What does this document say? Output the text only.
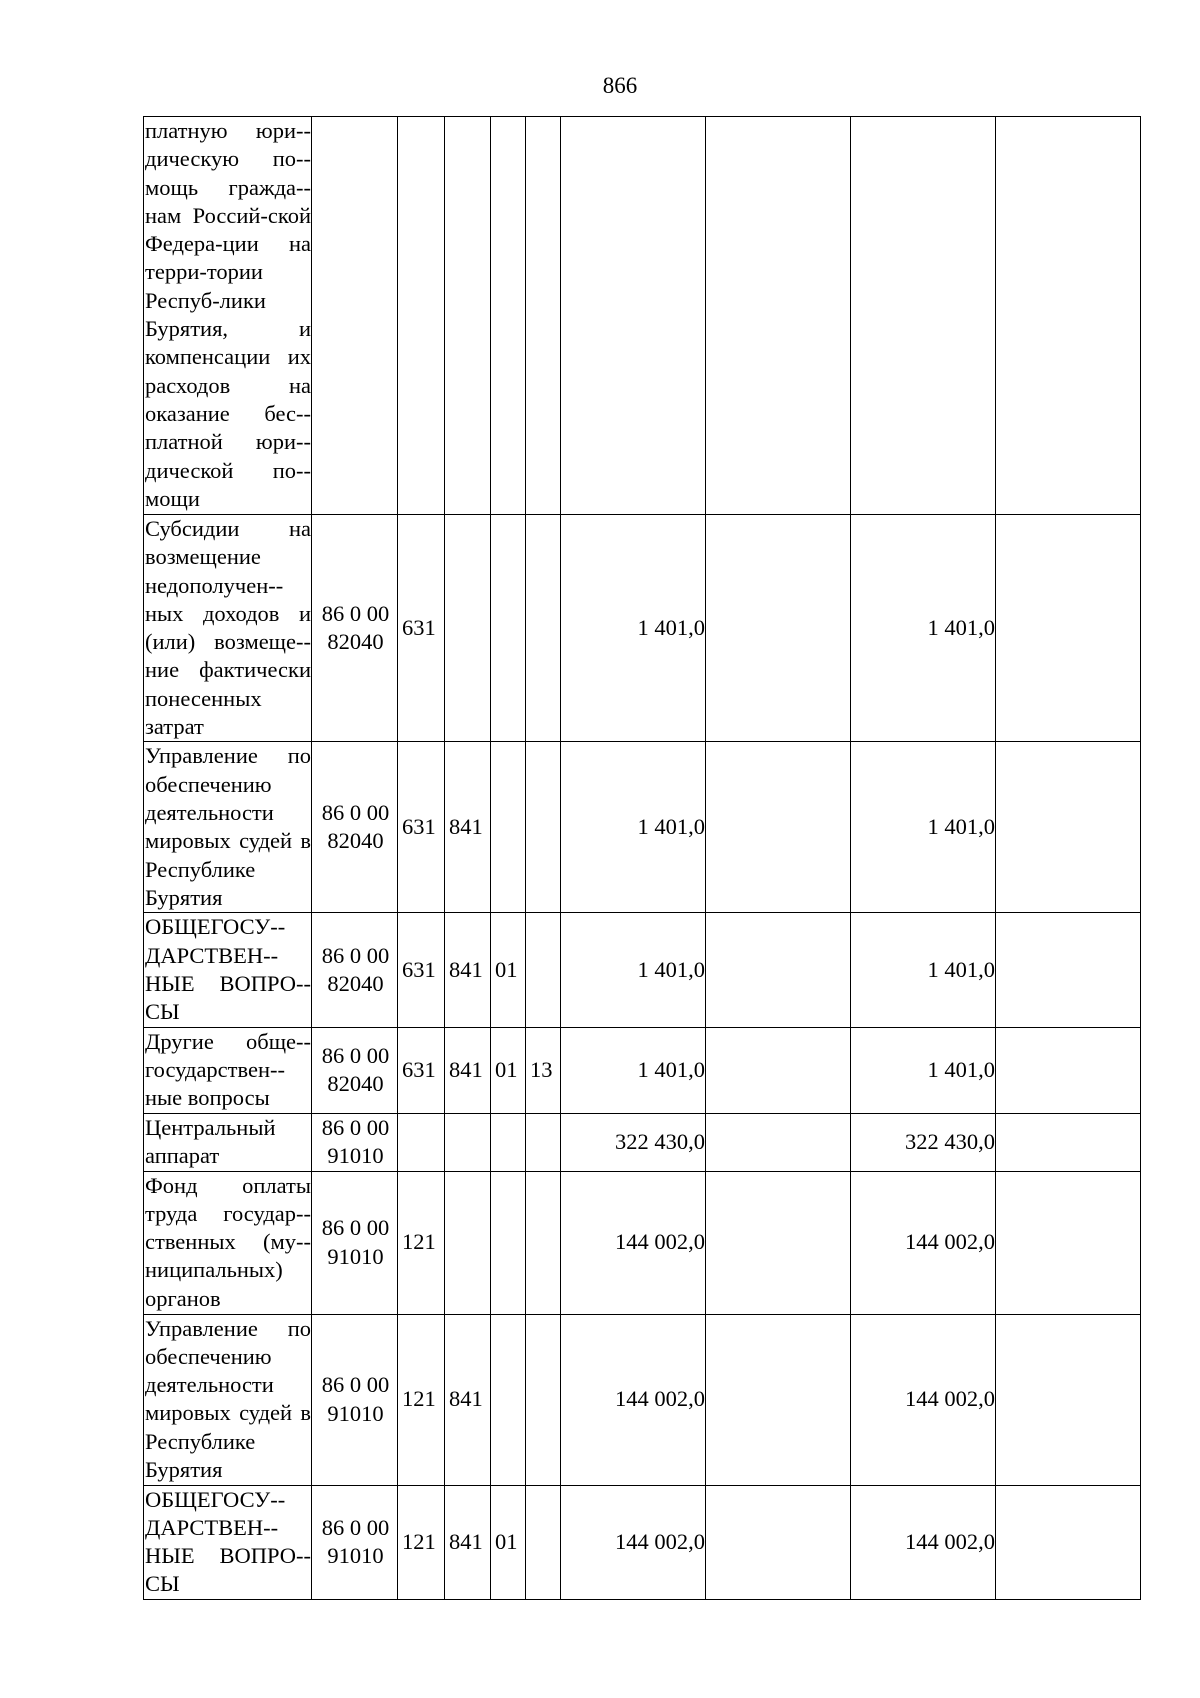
866
платную юри-дическую по-мощь гражда-нам Россий-ской Федера-ции на терри-тории Респуб-лики Бурятия, и компенсации их расходов на оказание бес-платной юри-дической по-мощи									
Субсидии на возмещение недополучен-ных доходов и (или) возмеще-ние фактически понесенных затрат	86 0 00 82040	631				1 401,0		1 401,0	
Управление по обеспечению деятельности мировых судей в Республике Бурятия	86 0 00 82040	631	841			1 401,0		1 401,0	
ОБЩЕГОСУ-ДАРСТВЕН-НЫЕ ВОПРО-СЫ	86 0 00 82040	631	841	01		1 401,0		1 401,0	
Другие обще-государствен-ные вопросы	86 0 00 82040	631	841	01	13	1 401,0		1 401,0	
Центральный аппарат	86 0 00 91010					322 430,0		322 430,0	
Фонд оплаты труда государ-ственных (му-ниципальных) органов	86 0 00 91010	121				144 002,0		144 002,0	
Управление по обеспечению деятельности мировых судей в Республике Бурятия	86 0 00 91010	121	841			144 002,0		144 002,0	
ОБЩЕГОСУ-ДАРСТВЕН-НЫЕ ВОПРО-СЫ	86 0 00 91010	121	841	01		144 002,0		144 002,0	
